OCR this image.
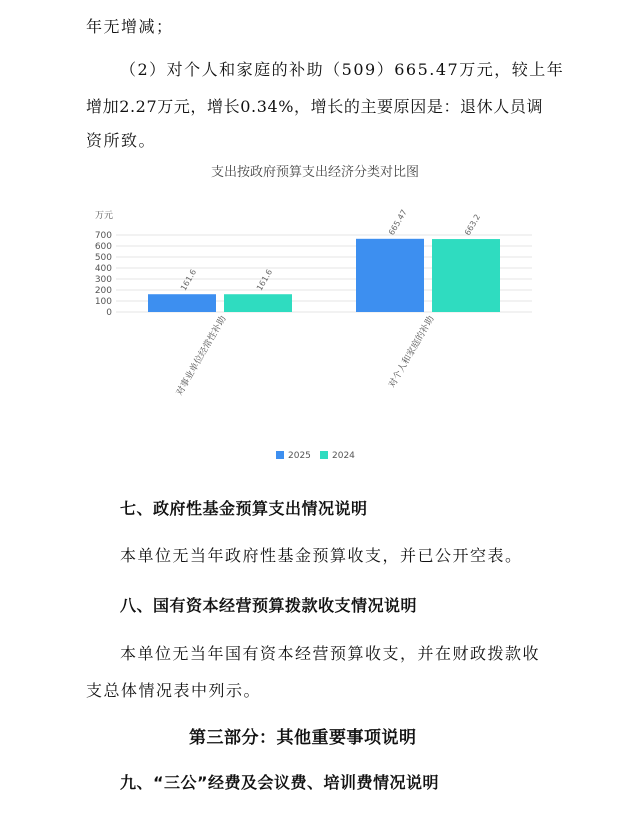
年无增减；
（2）对个人和家庭的补助（509）665.47万元，较上年
增加2.27万元，增长0.34%，增长的主要原因是：退休人员调
资所致。
支出按政府预算支出经济分类对比图
万元
0
100
200
300
400
500
600
700
161.6	161.6
665.47	663.2
对事业单位经常性补助	对个人和家庭的补助
2025 2024
七、政府性基金预算支出情况说明
本单位无当年政府性基金预算收支，并已公开空表。
八、国有资本经营预算拨款收支情况说明
本单位无当年国有资本经营预算收支，并在财政拨款收
支总体情况表中列示。
第三部分：其他重要事项说明
九、“三公”经费及会议费、培训费情况说明
